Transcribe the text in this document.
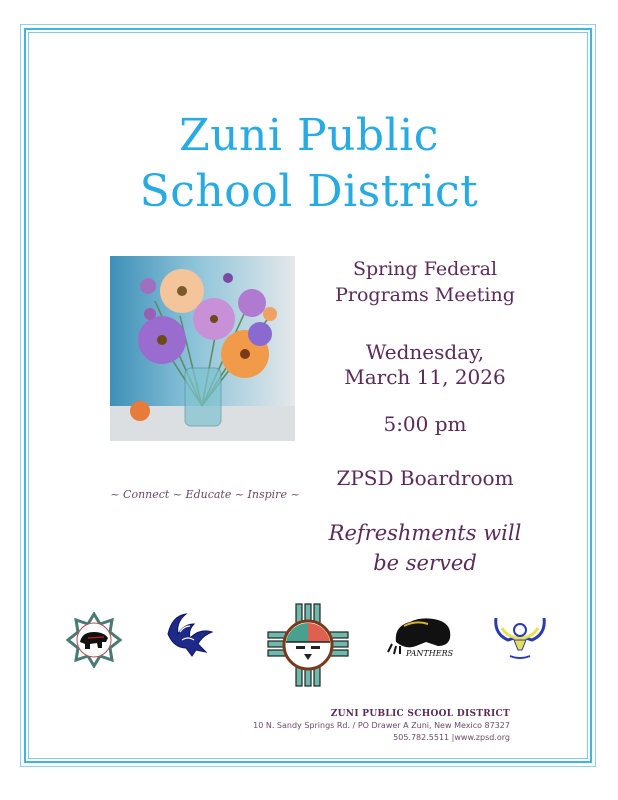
Zuni Public
School District
Spring Federal
Programs Meeting
Wednesday,
March 11, 2026
5:00 pm
ZPSD Boardroom
Refreshments will
be served
~ Connect ~ Educate ~ Inspire ~
PANTHERS
ZUNI PUBLIC SCHOOL DISTRICT
10 N. Sandy Springs Rd. / PO Drawer A Zuni, New Mexico 87327
505.782.5511 |www.zpsd.org
